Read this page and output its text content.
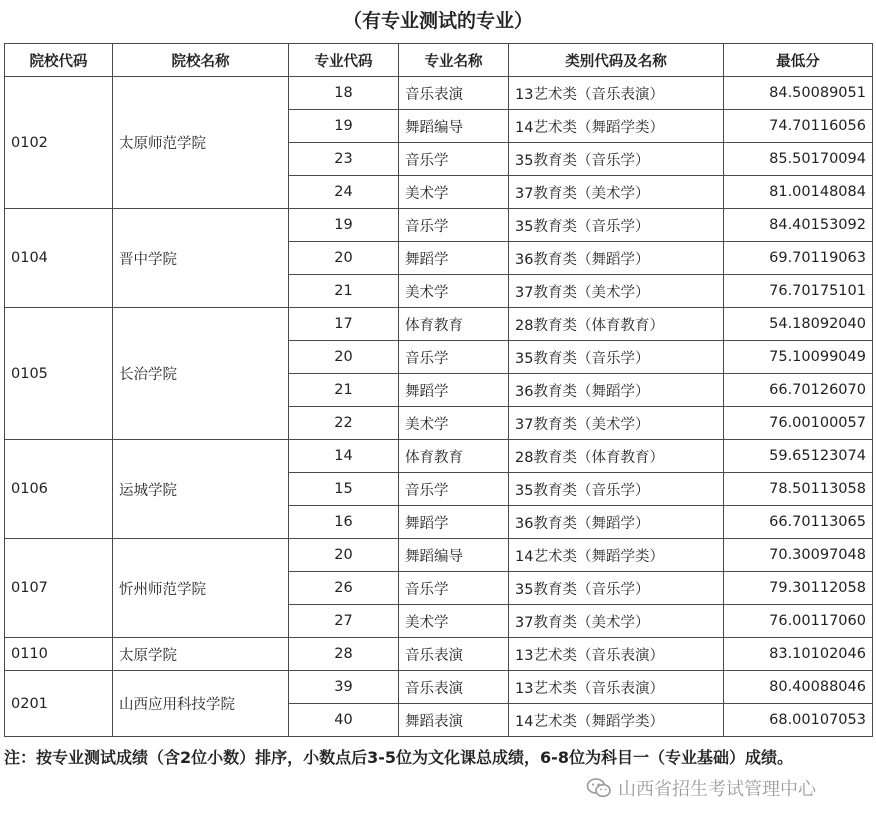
（有专业测试的专业）
院校代码	院校名称	专业代码	专业名称	类别代码及名称	最低分
0102	太原师范学院	18	音乐表演	13艺术类（音乐表演）	84.50089051
		19	舞蹈编导	14艺术类（舞蹈学类）	74.70116056
		23	音乐学	35教育类（音乐学）	85.50170094
		24	美术学	37教育类（美术学）	81.00148084
0104	晋中学院	19	音乐学	35教育类（音乐学）	84.40153092
		20	舞蹈学	36教育类（舞蹈学）	69.70119063
		21	美术学	37教育类（美术学）	76.70175101
0105	长治学院	17	体育教育	28教育类（体育教育）	54.18092040
		20	音乐学	35教育类（音乐学）	75.10099049
		21	舞蹈学	36教育类（舞蹈学）	66.70126070
		22	美术学	37教育类（美术学）	76.00100057
0106	运城学院	14	体育教育	28教育类（体育教育）	59.65123074
		15	音乐学	35教育类（音乐学）	78.50113058
		16	舞蹈学	36教育类（舞蹈学）	66.70113065
0107	忻州师范学院	20	舞蹈编导	14艺术类（舞蹈学类）	70.30097048
		26	音乐学	35教育类（音乐学）	79.30112058
		27	美术学	37教育类（美术学）	76.00117060
0110	太原学院	28	音乐表演	13艺术类（音乐表演）	83.10102046
0201	山西应用科技学院	39	音乐表演	13艺术类（音乐表演）	80.40088046
		40	舞蹈表演	14艺术类（舞蹈学类）	68.00107053
注：按专业测试成绩（含2位小数）排序，小数点后3-5位为文化课总成绩，6-8位为科目一（专业基础）成绩。
山西省招生考试管理中心
